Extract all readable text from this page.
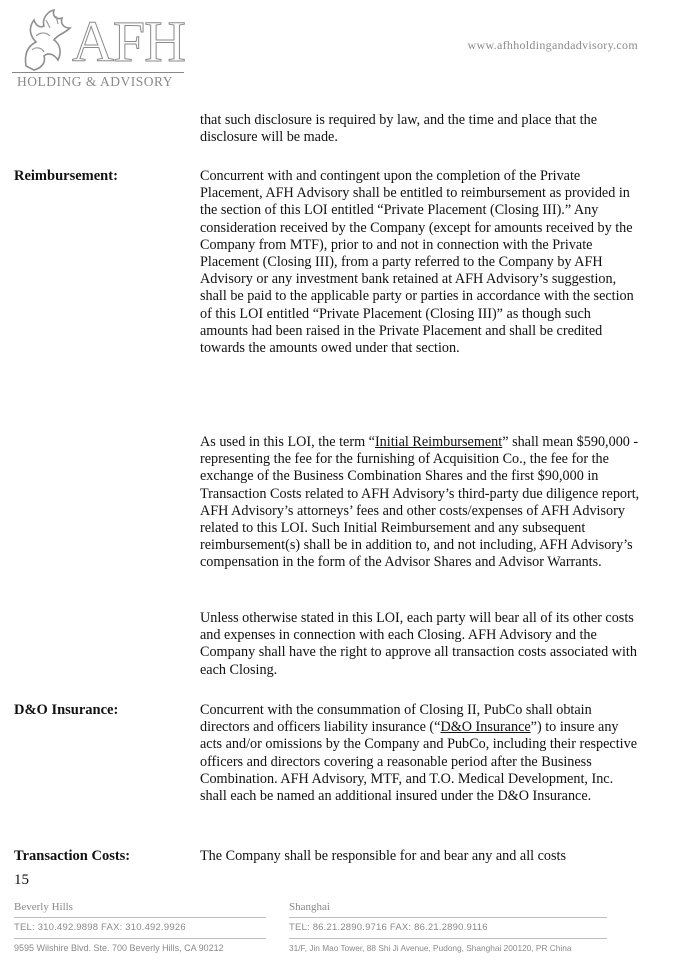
AFH
HOLDING & ADVISORY
www.afhholdingandadvisory.com

that such disclosure is required by law, and the time and place that the disclosure will be made.

Reimbursement:	Concurrent with and contingent upon the completion of the Private Placement, AFH Advisory shall be entitled to reimbursement as provided in the section of this LOI entitled “Private Placement (Closing III).” Any consideration received by the Company (except for amounts received by the Company from MTF), prior to and not in connection with the Private Placement (Closing III), from a party referred to the Company by AFH Advisory or any investment bank retained at AFH Advisory’s suggestion, shall be paid to the applicable party or parties in accordance with the section of this LOI entitled “Private Placement (Closing III)” as though such amounts had been raised in the Private Placement and shall be credited towards the amounts owed under that section.

As used in this LOI, the term “Initial Reimbursement” shall mean $590,000 - representing the fee for the furnishing of Acquisition Co., the fee for the exchange of the Business Combination Shares and the first $90,000 in Transaction Costs related to AFH Advisory’s third-party due diligence report, AFH Advisory’s attorneys’ fees and other costs/expenses of AFH Advisory related to this LOI. Such Initial Reimbursement and any subsequent reimbursement(s) shall be in addition to, and not including, AFH Advisory’s compensation in the form of the Advisor Shares and Advisor Warrants.

Unless otherwise stated in this LOI, each party will bear all of its other costs and expenses in connection with each Closing. AFH Advisory and the Company shall have the right to approve all transaction costs associated with each Closing.

D&O Insurance:	Concurrent with the consummation of Closing II, PubCo shall obtain directors and officers liability insurance (“D&O Insurance”) to insure any acts and/or omissions by the Company and PubCo, including their respective officers and directors covering a reasonable period after the Business Combination. AFH Advisory, MTF, and T.O. Medical Development, Inc. shall each be named an additional insured under the D&O Insurance.

Transaction Costs:	The Company shall be responsible for and bear any and all costs

15
Beverly Hills
TEL: 310.492.9898 FAX: 310.492.9926
9595 Wilshire Blvd. Ste. 700 Beverly Hills, CA 90212
Shanghai
TEL: 86.21.2890.9716 FAX: 86.21.2890.9116
31/F, Jin Mao Tower, 88 Shi Ji Avenue, Pudong, Shanghai 200120, PR China
